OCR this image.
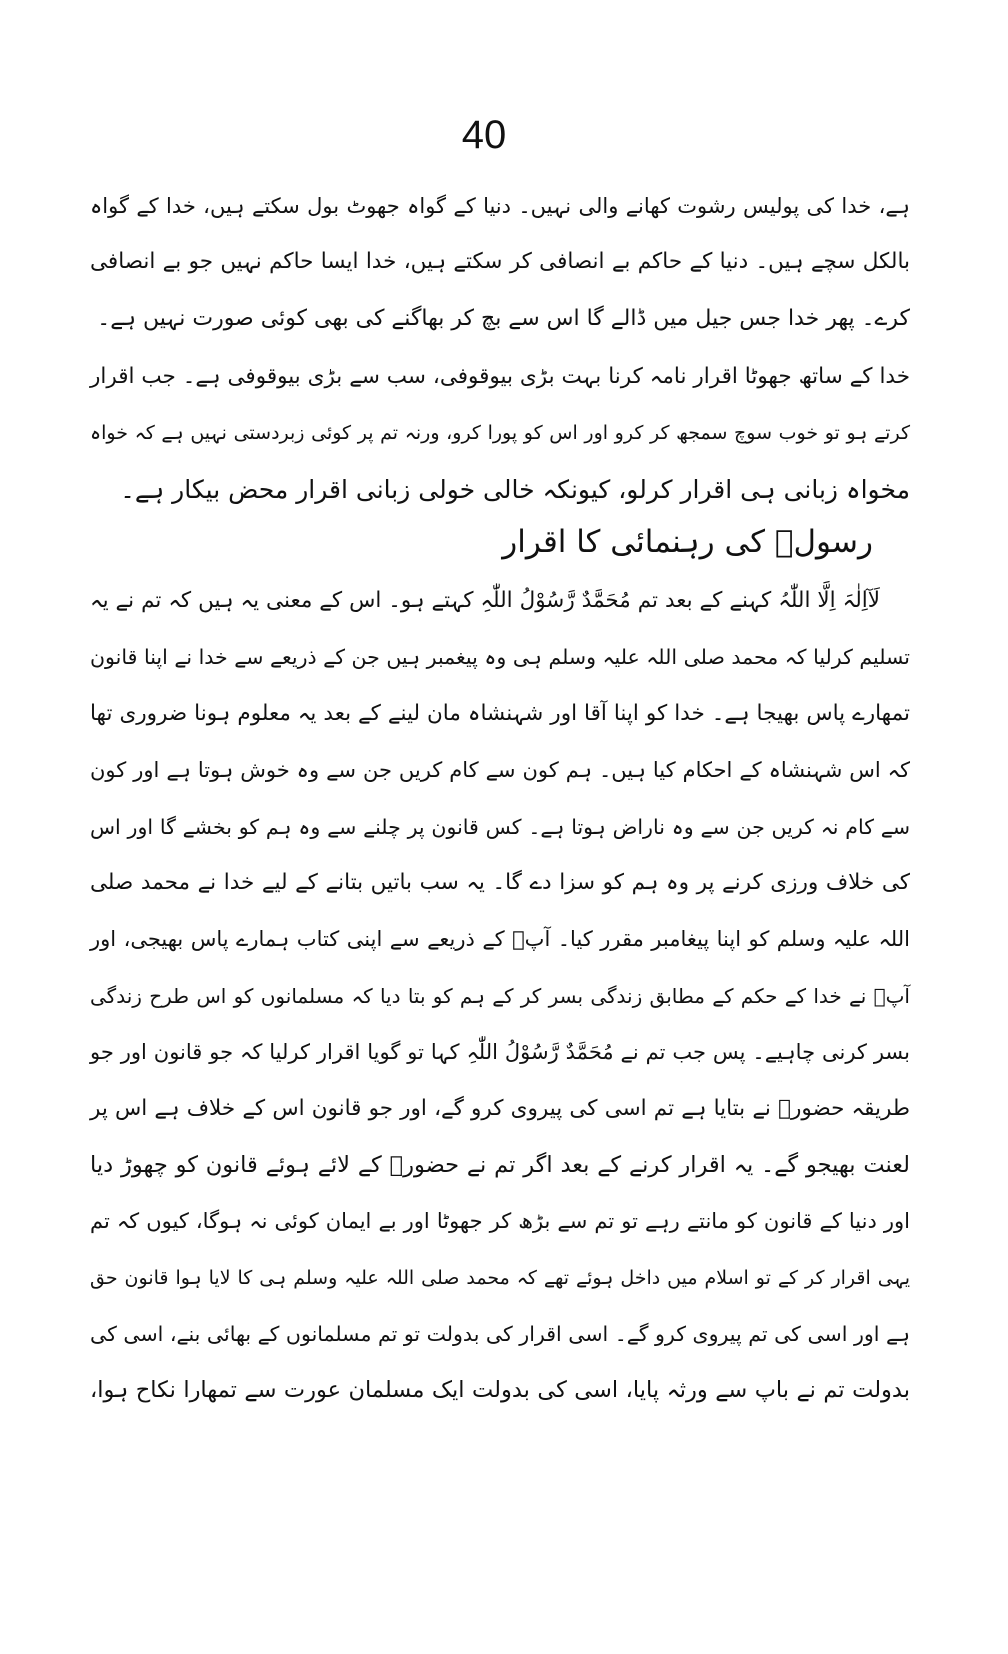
40
ہے، خدا کی پولیس رشوت کھانے والی نہیں۔ دنیا کے گواہ جھوٹ بول سکتے ہیں، خدا کے گواہ
بالکل سچے ہیں۔ دنیا کے حاکم بے انصافی کر سکتے ہیں، خدا ایسا حاکم نہیں جو بے انصافی
کرے۔ پھر خدا جس جیل میں ڈالے گا اس سے بچ کر بھاگنے کی بھی کوئی صورت نہیں ہے۔
خدا کے ساتھ جھوٹا اقرار نامہ کرنا بہت بڑی بیوقوفی، سب سے بڑی بیوقوفی ہے۔ جب اقرار
کرتے ہو تو خوب سوچ سمجھ کر کرو اور اس کو پورا کرو، ورنہ تم پر کوئی زبردستی نہیں ہے کہ خواہ
مخواہ زبانی ہی اقرار کرلو، کیونکہ خالی خولی زبانی اقرار محض بیکار ہے۔
رسولؐ کی رہنمائی کا اقرار
لَآاِلٰہَ اِلَّا اللّٰہُ کہنے کے بعد تم مُحَمَّدٌ رَّسُوْلُ اللّٰہِ کہتے ہو۔ اس کے معنی یہ ہیں کہ تم نے یہ
تسلیم کرلیا کہ محمد صلی اللہ علیہ وسلم ہی وہ پیغمبر ہیں جن کے ذریعے سے خدا نے اپنا قانون
تمھارے پاس بھیجا ہے۔ خدا کو اپنا آقا اور شہنشاہ مان لینے کے بعد یہ معلوم ہونا ضروری تھا
کہ اس شہنشاہ کے احکام کیا ہیں۔ ہم کون سے کام کریں جن سے وہ خوش ہوتا ہے اور کون
سے کام نہ کریں جن سے وہ ناراض ہوتا ہے۔ کس قانون پر چلنے سے وہ ہم کو بخشے گا اور اس
کی خلاف ورزی کرنے پر وہ ہم کو سزا دے گا۔ یہ سب باتیں بتانے کے لیے خدا نے محمد صلی
اللہ علیہ وسلم کو اپنا پیغامبر مقرر کیا۔ آپؐ کے ذریعے سے اپنی کتاب ہمارے پاس بھیجی، اور
آپؐ نے خدا کے حکم کے مطابق زندگی بسر کر کے ہم کو بتا دیا کہ مسلمانوں کو اس طرح زندگی
بسر کرنی چاہیے۔ پس جب تم نے مُحَمَّدٌ رَّسُوْلُ اللّٰہِ کہا تو گویا اقرار کرلیا کہ جو قانون اور جو
طریقہ حضورؐ نے بتایا ہے تم اسی کی پیروی کرو گے، اور جو قانون اس کے خلاف ہے اس پر
لعنت بھیجو گے۔ یہ اقرار کرنے کے بعد اگر تم نے حضورؐ کے لائے ہوئے قانون کو چھوڑ دیا
اور دنیا کے قانون کو مانتے رہے تو تم سے بڑھ کر جھوٹا اور بے ایمان کوئی نہ ہوگا، کیوں کہ تم
یہی اقرار کر کے تو اسلام میں داخل ہوئے تھے کہ محمد صلی اللہ علیہ وسلم ہی کا لایا ہوا قانون حق
ہے اور اسی کی تم پیروی کرو گے۔ اسی اقرار کی بدولت تو تم مسلمانوں کے بھائی بنے، اسی کی
بدولت تم نے باپ سے ورثہ پایا، اسی کی بدولت ایک مسلمان عورت سے تمھارا نکاح ہوا،
